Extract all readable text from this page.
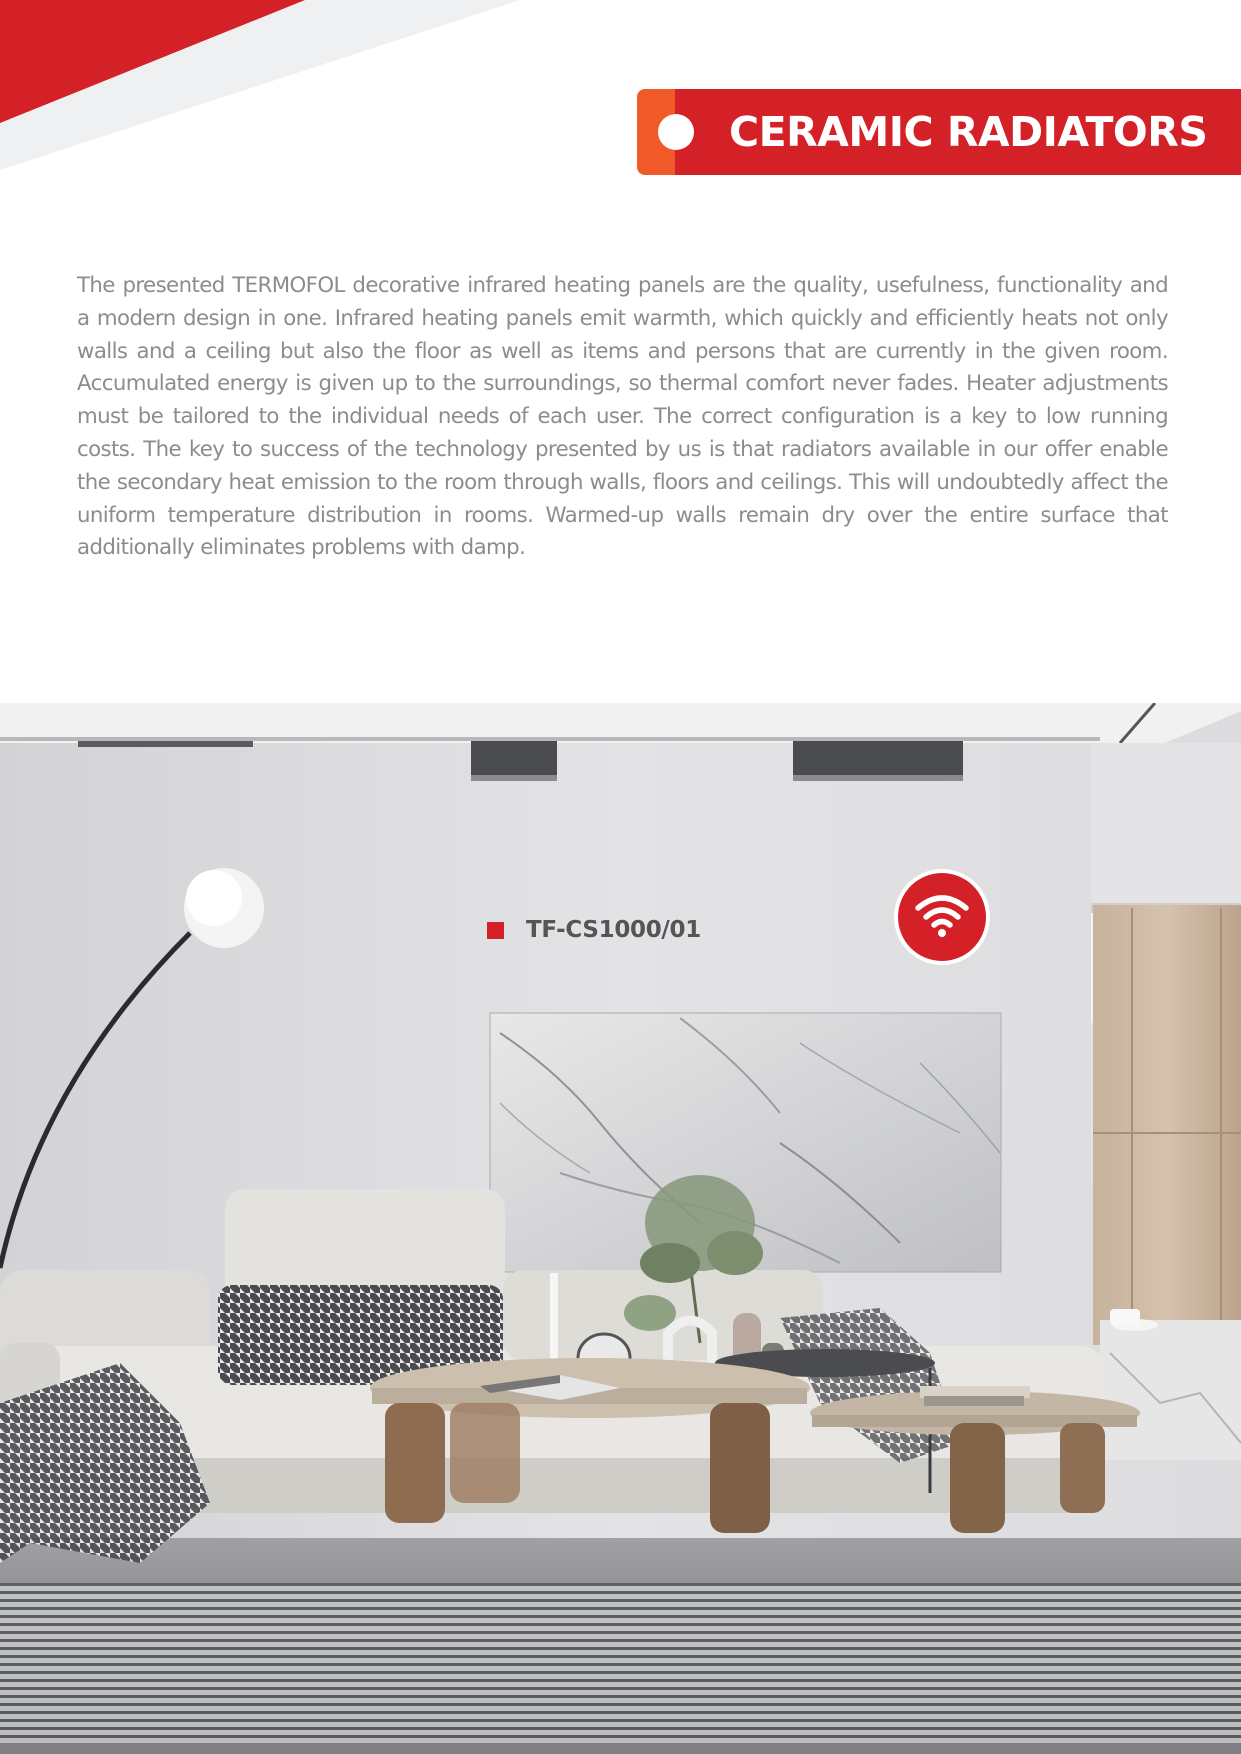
CERAMIC RADIATORS

The presented TERMOFOL decorative infrared heating panels are the quality, usefulness, functionality and a modern design in one. Infrared heating panels emit warmth, which quickly and efficiently heats not only walls and a ceiling but also the floor as well as items and persons that are currently in the given room. Accumulated energy is given up to the surroundings, so thermal comfort never fades. Heater adjustments must be tailored to the individual needs of each user. The correct configuration is a key to low running costs. The key to success of the technology presented by us is that radiators available in our offer enable the secondary heat emission to the room through walls, floors and ceilings. This will undoubtedly affect the uniform temperature distribution in rooms. Warmed-up walls remain dry over the entire surface that additionally eliminates problems with damp.

TF-CS1000/01
